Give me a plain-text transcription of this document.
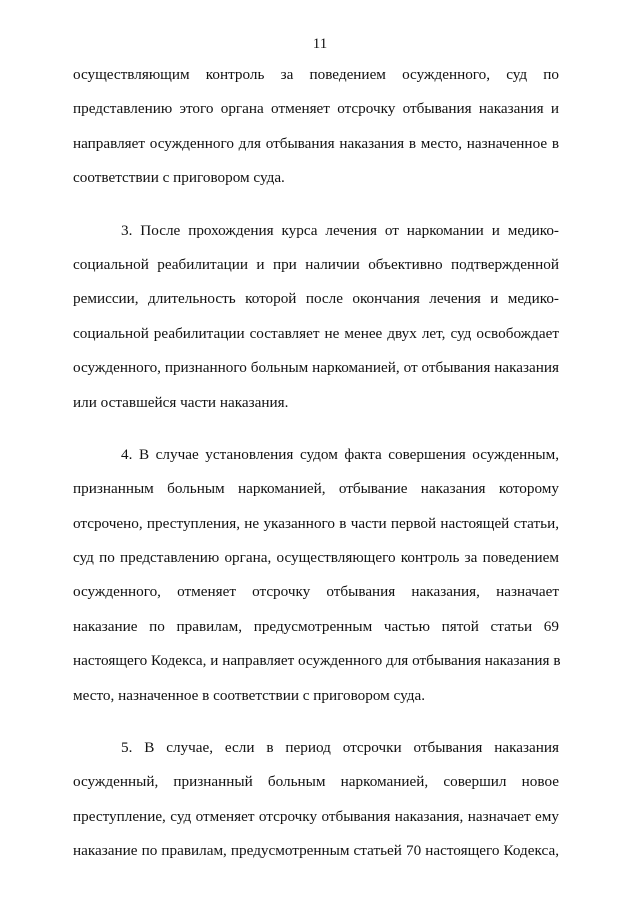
11
осуществляющим контроль за поведением осужденного, суд по
представлению этого органа отменяет отсрочку отбывания наказания и
направляет осужденного для отбывания наказания в место, назначенное в
соответствии с приговором суда.
3. После прохождения курса лечения от наркомании и медико-
социальной реабилитации и при наличии объективно подтвержденной
ремиссии, длительность которой после окончания лечения и медико-
социальной реабилитации составляет не менее двух лет, суд освобождает
осужденного, признанного больным наркоманией, от отбывания наказания
или оставшейся части наказания.
4. В случае установления судом факта совершения осужденным,
признанным больным наркоманией, отбывание наказания которому
отсрочено, преступления, не указанного в части первой настоящей статьи,
суд по представлению органа, осуществляющего контроль за поведением
осужденного, отменяет отсрочку отбывания наказания, назначает
наказание по правилам, предусмотренным частью пятой статьи 69
настоящего Кодекса, и направляет осужденного для отбывания наказания в
место, назначенное в соответствии с приговором суда.
5. В случае, если в период отсрочки отбывания наказания
осужденный, признанный больным наркоманией, совершил новое
преступление, суд отменяет отсрочку отбывания наказания, назначает ему
наказание по правилам, предусмотренным статьей 70 настоящего Кодекса,
